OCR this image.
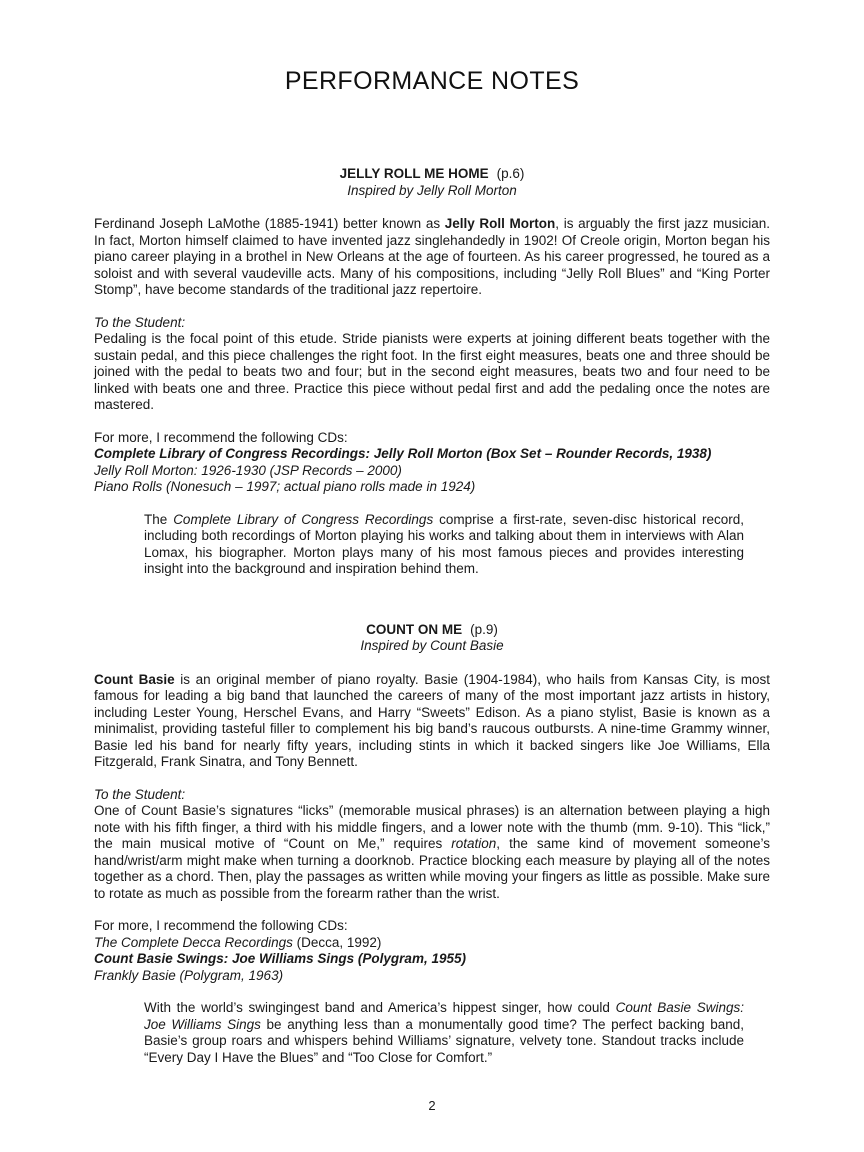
PERFORMANCE NOTES
JELLY ROLL ME HOME (p.6)
Inspired by Jelly Roll Morton
Ferdinand Joseph LaMothe (1885-1941) better known as Jelly Roll Morton, is arguably the first jazz musician. In fact, Morton himself claimed to have invented jazz singlehandedly in 1902! Of Creole origin, Morton began his piano career playing in a brothel in New Orleans at the age of fourteen. As his career progressed, he toured as a soloist and with several vaudeville acts. Many of his compositions, including “Jelly Roll Blues” and “King Porter Stomp”, have become standards of the traditional jazz repertoire.
To the Student:
Pedaling is the focal point of this etude. Stride pianists were experts at joining different beats together with the sustain pedal, and this piece challenges the right foot. In the first eight measures, beats one and three should be joined with the pedal to beats two and four; but in the second eight measures, beats two and four need to be linked with beats one and three. Practice this piece without pedal first and add the pedaling once the notes are mastered.
For more, I recommend the following CDs:
Complete Library of Congress Recordings: Jelly Roll Morton (Box Set – Rounder Records, 1938)
Jelly Roll Morton: 1926-1930 (JSP Records – 2000)
Piano Rolls (Nonesuch – 1997; actual piano rolls made in 1924)
The Complete Library of Congress Recordings comprise a first-rate, seven-disc historical record, including both recordings of Morton playing his works and talking about them in interviews with Alan Lomax, his biographer. Morton plays many of his most famous pieces and provides interesting insight into the background and inspiration behind them.
COUNT ON ME (p.9)
Inspired by Count Basie
Count Basie is an original member of piano royalty. Basie (1904-1984), who hails from Kansas City, is most famous for leading a big band that launched the careers of many of the most important jazz artists in history, including Lester Young, Herschel Evans, and Harry “Sweets” Edison. As a piano stylist, Basie is known as a minimalist, providing tasteful filler to complement his big band’s raucous outbursts. A nine-time Grammy winner, Basie led his band for nearly fifty years, including stints in which it backed singers like Joe Williams, Ella Fitzgerald, Frank Sinatra, and Tony Bennett.
To the Student:
One of Count Basie’s signatures “licks” (memorable musical phrases) is an alternation between playing a high note with his fifth finger, a third with his middle fingers, and a lower note with the thumb (mm. 9-10). This “lick,” the main musical motive of “Count on Me,” requires rotation, the same kind of movement someone’s hand/wrist/arm might make when turning a doorknob. Practice blocking each measure by playing all of the notes together as a chord. Then, play the passages as written while moving your fingers as little as possible. Make sure to rotate as much as possible from the forearm rather than the wrist.
For more, I recommend the following CDs:
The Complete Decca Recordings (Decca, 1992)
Count Basie Swings: Joe Williams Sings (Polygram, 1955)
Frankly Basie (Polygram, 1963)
With the world’s swingingest band and America’s hippest singer, how could Count Basie Swings: Joe Williams Sings be anything less than a monumentally good time? The perfect backing band, Basie’s group roars and whispers behind Williams’ signature, velvety tone. Standout tracks include “Every Day I Have the Blues” and “Too Close for Comfort.”
2
